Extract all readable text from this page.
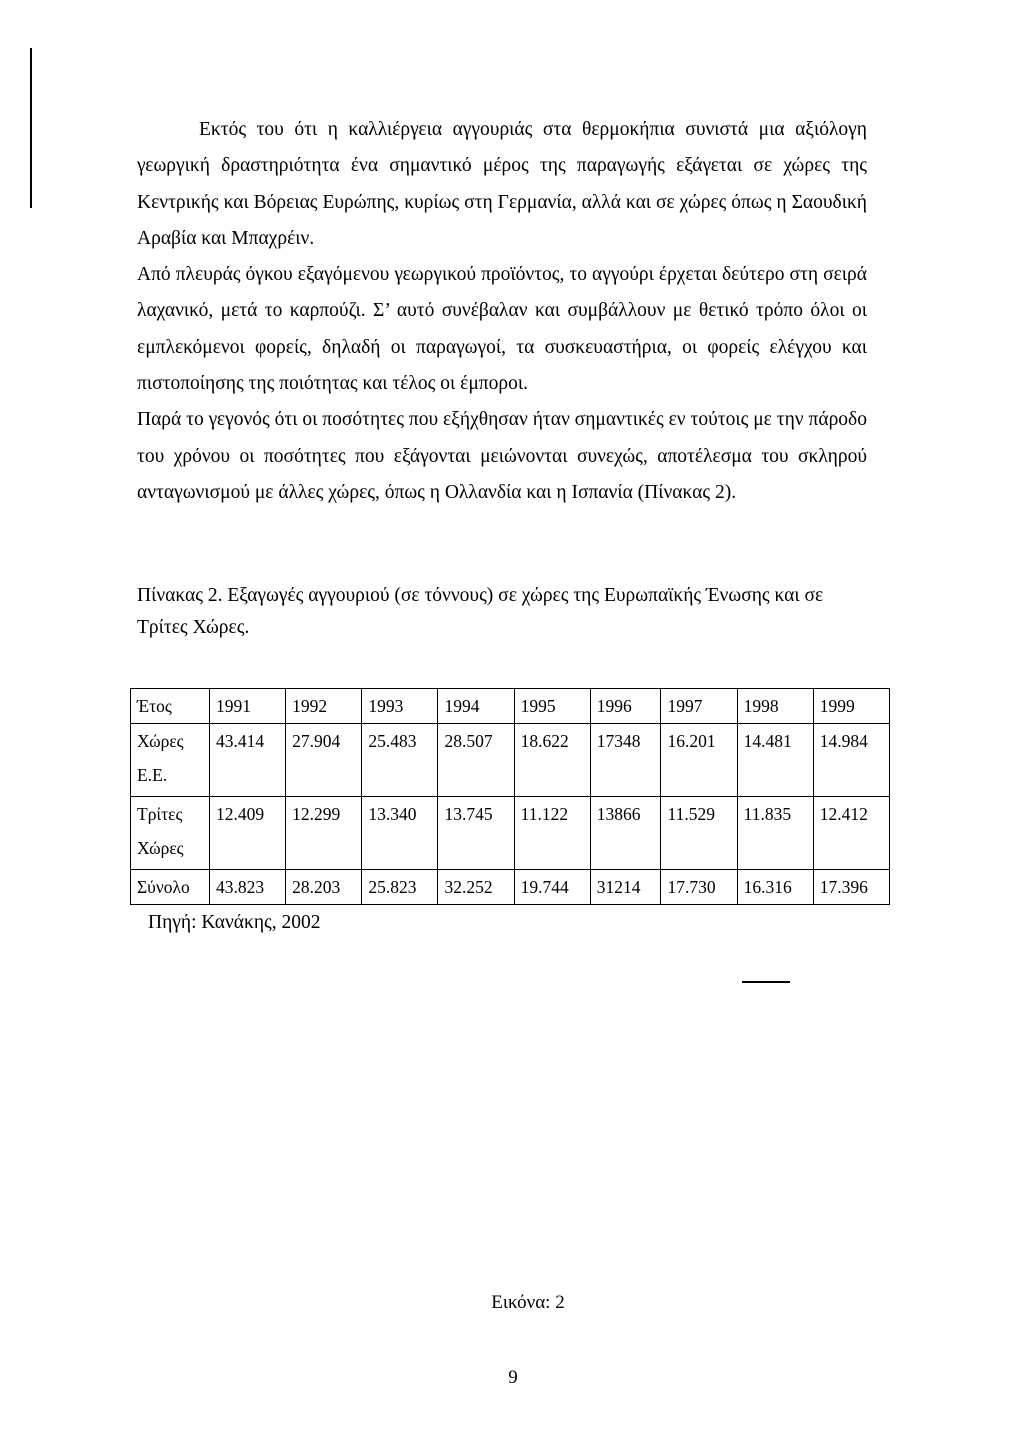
Εκτός του ότι η καλλιέργεια αγγουριάς στα θερμοκήπια συνιστά μια αξιόλογη γεωργική δραστηριότητα ένα σημαντικό μέρος της παραγωγής εξάγεται σε χώρες της Κεντρικής και Βόρειας Ευρώπης, κυρίως στη Γερμανία, αλλά και σε χώρες όπως η Σαουδική Αραβία και Μπαχρέιν.

Από πλευράς όγκου εξαγόμενου γεωργικού προϊόντος, το αγγούρι έρχεται δεύτερο στη σειρά λαχανικό, μετά το καρπούζι. Σ’ αυτό συνέβαλαν και συμβάλλουν με θετικό τρόπο όλοι οι εμπλεκόμενοι φορείς, δηλαδή οι παραγωγοί, τα συσκευαστήρια, οι φορείς ελέγχου και πιστοποίησης της ποιότητας και τέλος οι έμποροι.

Παρά το γεγονός ότι οι ποσότητες που εξήχθησαν ήταν σημαντικές εν τούτοις με την πάροδο του χρόνου οι ποσότητες που εξάγονται μειώνονται συνεχώς, αποτέλεσμα του σκληρού ανταγωνισμού με άλλες χώρες, όπως η Ολλανδία και η Ισπανία (Πίνακας 2).

Πίνακας 2. Εξαγωγές αγγουριού (σε τόννους) σε χώρες της Ευρωπαϊκής Ένωσης και σε Τρίτες Χώρες.
Έτος	1991	1992	1993	1994	1995	1996	1997	1998	1999
Χώρες Ε.Ε.	43.414	27.904	25.483	28.507	18.622	17348	16.201	14.481	14.984
Τρίτες Χώρες	12.409	12.299	13.340	13.745	11.122	13866	11.529	11.835	12.412
Σύνολο	43.823	28.203	25.823	32.252	19.744	31214	17.730	16.316	17.396
Πηγή: Κανάκης, 2002
Εικόνα: 2
9
